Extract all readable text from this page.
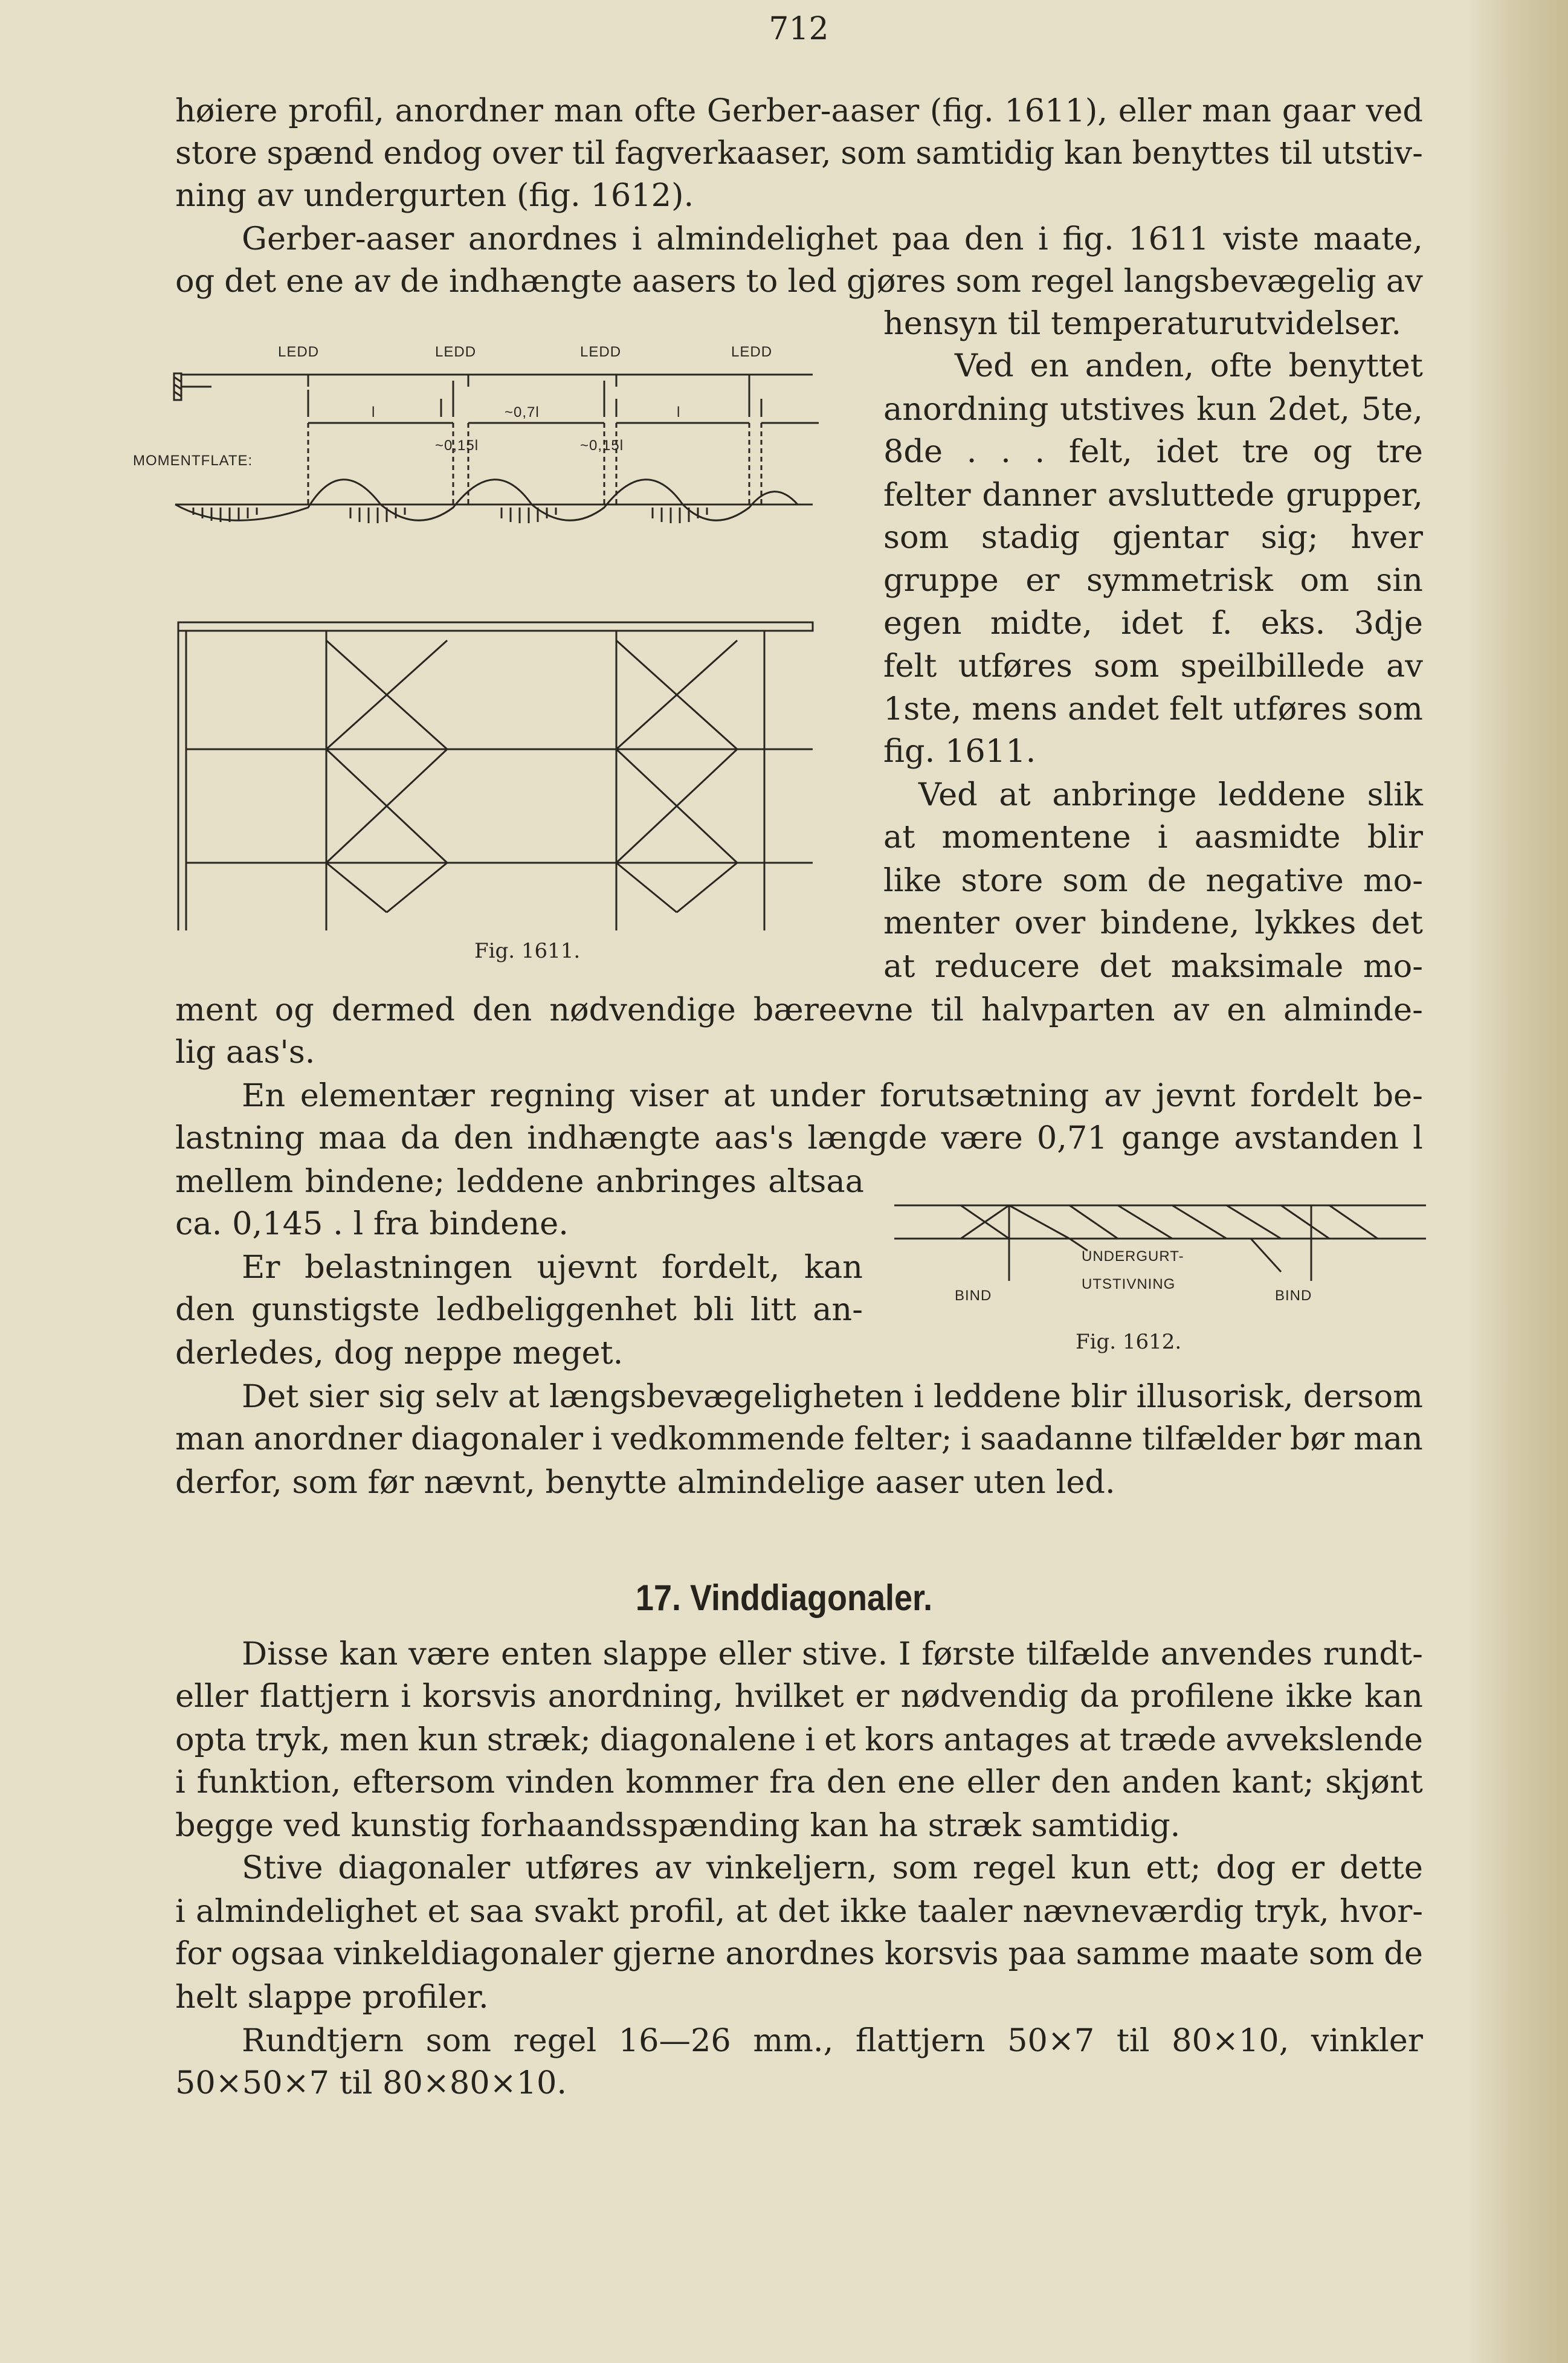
712
høiere profil, anordner man ofte Gerber-aaser (fig. 1611), eller man gaar ved
store spænd endog over til fagverkaaser, som samtidig kan benyttes til utstiv-
ning av undergurten (fig. 1612).
Gerber-aaser anordnes i almindelighet paa den i fig. 1611 viste maate,
og det ene av de indhængte aasers to led gjøres som regel langsbevægelig av
hensyn til temperaturutvidelser.
Ved en anden, ofte benyttet
anordning utstives kun 2det, 5te,
8de . . . felt, idet tre og tre
felter danner avsluttede grupper,
som stadig gjentar sig; hver
gruppe er symmetrisk om sin
egen midte, idet f. eks. 3dje
felt utføres som speilbillede av
1ste, mens andet felt utføres som
fig. 1611.
Ved at anbringe leddene slik
at momentene i aasmidte blir
like store som de negative mo-
menter over bindene, lykkes det
at reducere det maksimale mo-
ment og dermed den nødvendige bæreevne til halvparten av en alminde-
lig aas's.
En elementær regning viser at under forutsætning av jevnt fordelt be-
lastning maa da den indhængte aas's længde være 0,71 gange avstanden l
mellem bindene; leddene anbringes altsaa
ca. 0,145 . l fra bindene.
Er belastningen ujevnt fordelt, kan
den gunstigste ledbeliggenhet bli litt an-
derledes, dog neppe meget.
Det sier sig selv at længsbevægeligheten i leddene blir illusorisk, dersom
man anordner diagonaler i vedkommende felter; i saadanne tilfælder bør man
derfor, som før nævnt, benytte almindelige aaser uten led.
17. Vinddiagonaler.
Disse kan være enten slappe eller stive. I første tilfælde anvendes rundt-
eller flattjern i korsvis anordning, hvilket er nødvendig da profilene ikke kan
opta tryk, men kun stræk; diagonalene i et kors antages at træde avvekslende
i funktion, eftersom vinden kommer fra den ene eller den anden kant; skjønt
begge ved kunstig forhaandsspænding kan ha stræk samtidig.
Stive diagonaler utføres av vinkeljern, som regel kun ett; dog er dette
i almindelighet et saa svakt profil, at det ikke taaler nævneværdig tryk, hvor-
for ogsaa vinkeldiagonaler gjerne anordnes korsvis paa samme maate som de
helt slappe profiler.
Rundtjern som regel 16—26 mm., flattjern 50×7 til 80×10, vinkler
50×50×7 til 80×80×10.
LEDD	LEDD	LEDD	LEDD
l	~0,7l	l
~0,15l	~0,15l
MOMENTFLATE:
Fig. 1611.
BIND	BIND
UNDERGURT-
UTSTIVNING
Fig. 1612.
